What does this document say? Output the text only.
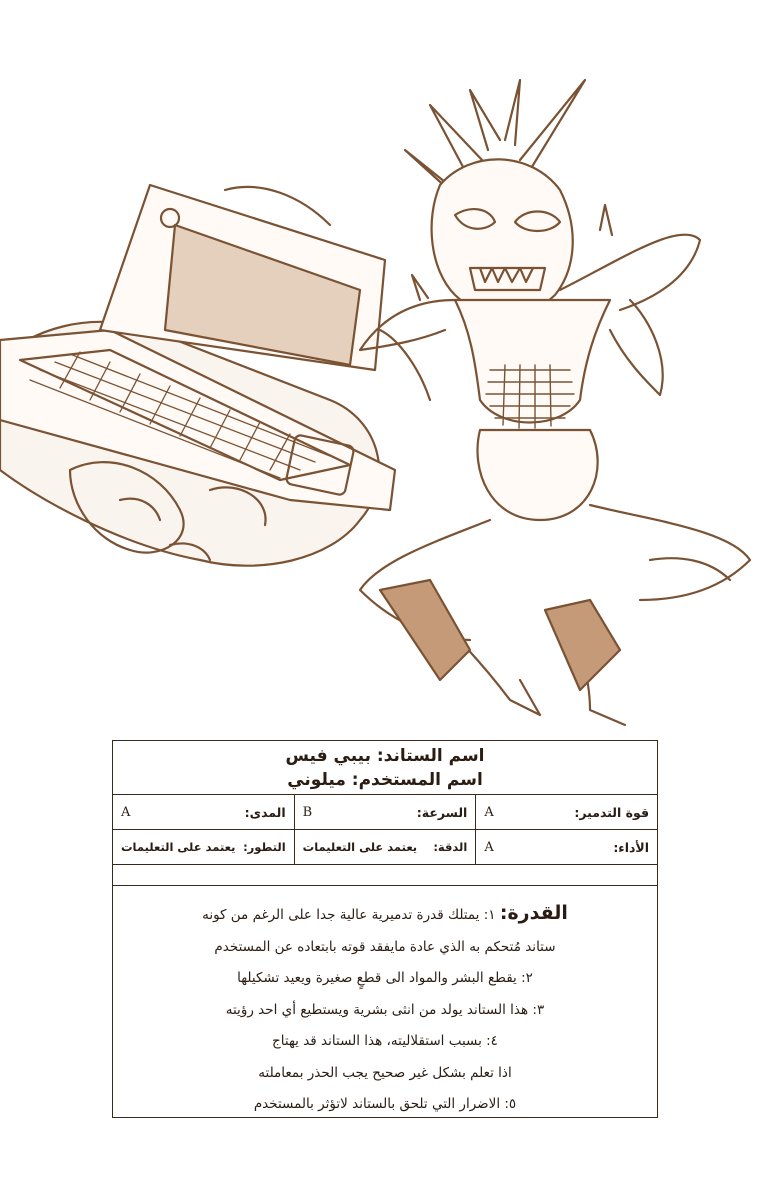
اسم الستاند: بيبي فيس
اسم المستخدم: ميلوني
قوة التدمير:
A
السرعة:
B
المدى:
A
الأداء:
A
الدقة:
يعتمد على التعليمات
التطور:
يعتمد على التعليمات
القدرة: ١: يمتلك قدرة تدميرية عالية جدا على الرغم من كونه
ستاند مُتحكم به الذي عادة مايفقد قوته بابتعاده عن المستخدم
٢: يقطع البشر والمواد الى قطعٍ صغيرة ويعيد تشكيلها
٣: هذا الستاند يولد من انثى بشرية ويستطيع أي احد رؤيته
٤: بسبب استقلاليته، هذا الستاند قد يهتاج
اذا تعلم بشكل غير صحيح يجب الحذر بمعاملته
٥: الاضرار التي تلحق بالستاند لاتؤثر بالمستخدم
